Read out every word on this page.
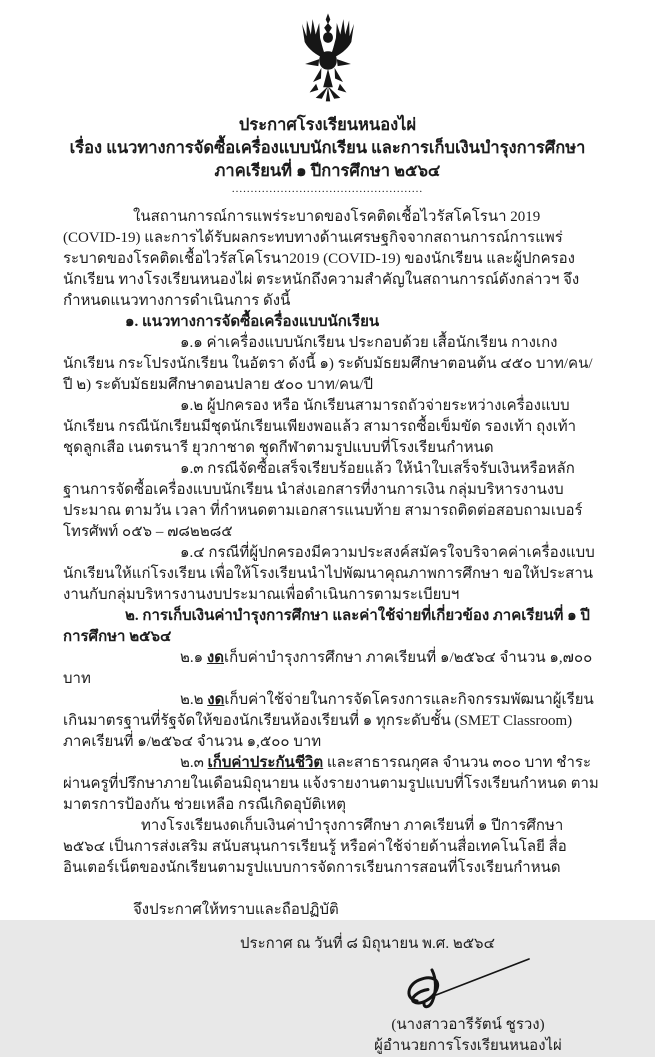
ประกาศโรงเรียนหนองไผ่

เรื่อง แนวทางการจัดซื้อเครื่องแบบนักเรียน และการเก็บเงินบำรุงการศึกษา

ภาคเรียนที่ ๑ ปีการศึกษา ๒๕๖๔

...................................................

ในสถานการณ์การแพร่ระบาดของโรคติดเชื้อไวรัสโคโรนา 2019 (COVID-19) และการได้รับผลกระทบทางด้านเศรษฐกิจจากสถานการณ์การแพร่ระบาดของโรคติดเชื้อไวรัสโคโรนา2019 (COVID-19) ของนักเรียน และผู้ปกครองนักเรียน ทางโรงเรียนหนองไผ่ ตระหนักถึงความสำคัญในสถานการณ์ดังกล่าวฯ จึงกำหนดแนวทางการดำเนินการ ดังนี้

๑. แนวทางการจัดซื้อเครื่องแบบนักเรียน

๑.๑ ค่าเครื่องแบบนักเรียน ประกอบด้วย เสื้อนักเรียน กางเกงนักเรียน กระโปรงนักเรียน ในอัตรา ดังนี้ ๑) ระดับมัธยมศึกษาตอนต้น ๔๕๐ บาท/คน/ปี ๒) ระดับมัธยมศึกษาตอนปลาย ๕๐๐ บาท/คน/ปี

๑.๒ ผู้ปกครอง หรือ นักเรียนสามารถถัวจ่ายระหว่างเครื่องแบบนักเรียน กรณีนักเรียนมีชุดนักเรียนเพียงพอแล้ว สามารถซื้อเข็มขัด รองเท้า ถุงเท้า ชุดลูกเสือ เนตรนารี ยุวกาชาด ชุดกีฬาตามรูปแบบที่โรงเรียนกำหนด

๑.๓ กรณีจัดซื้อเสร็จเรียบร้อยแล้ว ให้นำใบเสร็จรับเงินหรือหลักฐานการจัดซื้อเครื่องแบบนักเรียน นำส่งเอกสารที่งานการเงิน กลุ่มบริหารงานงบประมาณ ตามวัน เวลา ที่กำหนดตามเอกสารแนบท้าย สามารถติดต่อสอบถามเบอร์โทรศัพท์ ๐๕๖ – ๗๘๒๒๘๕

๑.๔ กรณีที่ผู้ปกครองมีความประสงค์สมัครใจบริจาคค่าเครื่องแบบนักเรียนให้แก่โรงเรียน เพื่อให้โรงเรียนนำไปพัฒนาคุณภาพการศึกษา ขอให้ประสานงานกับกลุ่มบริหารงานงบประมาณเพื่อดำเนินการตามระเบียบฯ

๒. การเก็บเงินค่าบำรุงการศึกษา และค่าใช้จ่ายที่เกี่ยวข้อง ภาคเรียนที่ ๑ ปีการศึกษา ๒๕๖๔

๒.๑ งดเก็บค่าบำรุงการศึกษา ภาคเรียนที่ ๑/๒๕๖๔ จำนวน ๑,๗๐๐ บาท

๒.๒ งดเก็บค่าใช้จ่ายในการจัดโครงการและกิจกรรมพัฒนาผู้เรียนเกินมาตรฐานที่รัฐจัดให้ของนักเรียนห้องเรียนที่ ๑ ทุกระดับชั้น (SMET Classroom) ภาคเรียนที่ ๑/๒๕๖๔ จำนวน ๑,๕๐๐ บาท

๒.๓ เก็บค่าประกันชีวิต และสาธารณกุศล จำนวน ๓๐๐ บาท ชำระผ่านครูที่ปรึกษาภายในเดือนมิถุนายน แจ้งรายงานตามรูปแบบที่โรงเรียนกำหนด ตามมาตรการป้องกัน ช่วยเหลือ กรณีเกิดอุบัติเหตุ

ทางโรงเรียนงดเก็บเงินค่าบำรุงการศึกษา ภาคเรียนที่ ๑ ปีการศึกษา ๒๕๖๔ เป็นการส่งเสริม สนับสนุนการเรียนรู้ หรือค่าใช้จ่ายด้านสื่อเทคโนโลยี สื่ออินเตอร์เน็ตของนักเรียนตามรูปแบบการจัดการเรียนการสอนที่โรงเรียนกำหนด

จึงประกาศให้ทราบและถือปฏิบัติ

ประกาศ ณ วันที่ ๘ มิถุนายน พ.ศ. ๒๕๖๔

(นางสาวอารีรัตน์ ชูรวง)
ผู้อำนวยการโรงเรียนหนองไผ่
